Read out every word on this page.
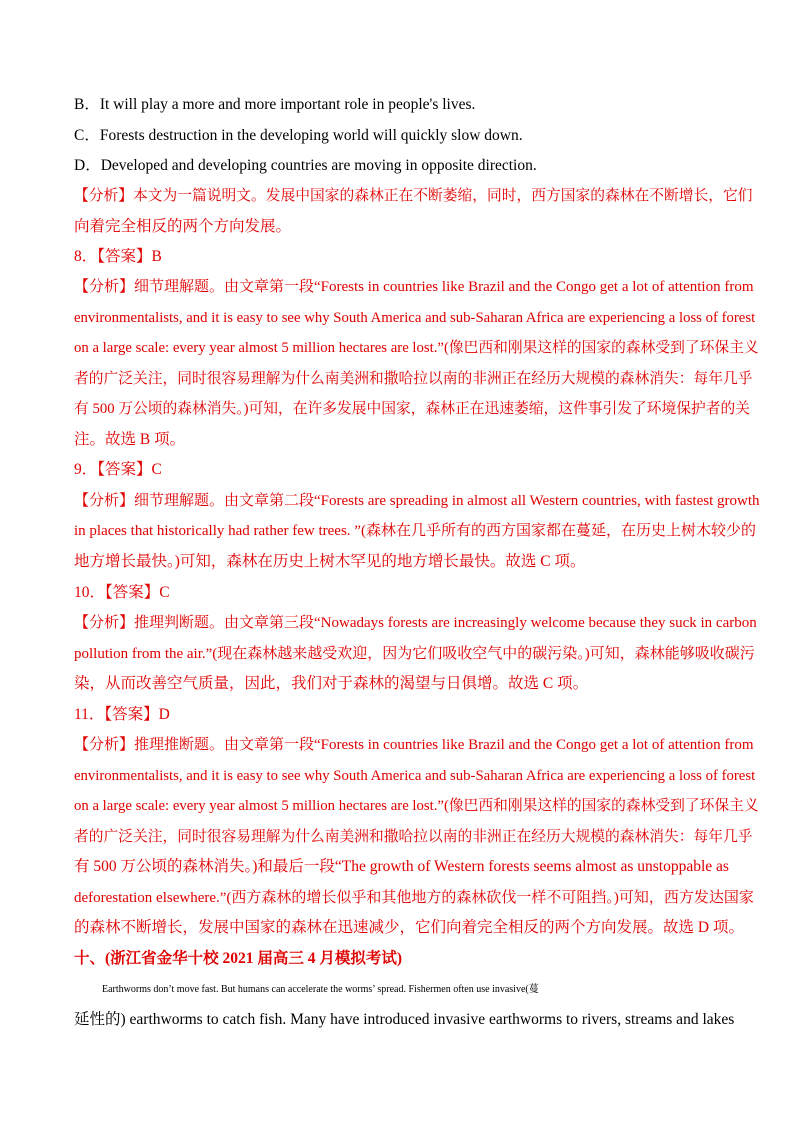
B．It will play a more and more important role in people's lives.
C．Forests destruction in the developing world will quickly slow down.
D．Developed and developing countries are moving in opposite direction.
【分析】本文为一篇说明文。发展中国家的森林正在不断萎缩，同时，西方国家的森林在不断增长，它们
向着完全相反的两个方向发展。
8．【答案】B
【分析】细节理解题。由文章第一段“Forests in countries like Brazil and the Congo get a lot of attention from
environmentalists, and it is easy to see why South America and sub-Saharan Africa are experiencing a loss of forest
on a large scale: every year almost 5 million hectares are lost.”(像巴西和刚果这样的国家的森林受到了环保主义
者的广泛关注，同时很容易理解为什么南美洲和撒哈拉以南的非洲正在经历大规模的森林消失：每年几乎
有 500 万公顷的森林消失。)可知，在许多发展中国家，森林正在迅速萎缩，这件事引发了环境保护者的关
注。故选 B 项。
9．【答案】C
【分析】细节理解题。由文章第二段“Forests are spreading in almost all Western countries, with fastest growth
in places that historically had rather few trees. ”(森林在几乎所有的西方国家都在蔓延，在历史上树木较少的
地方增长最快。)可知，森林在历史上树木罕见的地方增长最快。故选 C 项。
10．【答案】C
【分析】推理判断题。由文章第三段“Nowadays forests are increasingly welcome because they suck in carbon
pollution from the air.”(现在森林越来越受欢迎，因为它们吸收空气中的碳污染。)可知，森林能够吸收碳污
染，从而改善空气质量，因此，我们对于森林的渴望与日俱增。故选 C 项。
11．【答案】D
【分析】推理推断题。由文章第一段“Forests in countries like Brazil and the Congo get a lot of attention from
environmentalists, and it is easy to see why South America and sub-Saharan Africa are experiencing a loss of forest
on a large scale: every year almost 5 million hectares are lost.”(像巴西和刚果这样的国家的森林受到了环保主义
者的广泛关注，同时很容易理解为什么南美洲和撒哈拉以南的非洲正在经历大规模的森林消失：每年几乎
有 500 万公顷的森林消失。)和最后一段“The growth of Western forests seems almost as unstoppable as
deforestation elsewhere.”(西方森林的增长似乎和其他地方的森林砍伐一样不可阻挡。)可知，西方发达国家
的森林不断增长，发展中国家的森林在迅速减少，它们向着完全相反的两个方向发展。故选 D 项。
十、(浙江省金华十校 2021 届高三 4 月模拟考试)
Earthworms don’t move fast. But humans can accelerate the worms’ spread. Fishermen often use invasive(蔓
延性的) earthworms to catch fish. Many have introduced invasive earthworms to rivers, streams and lakes
